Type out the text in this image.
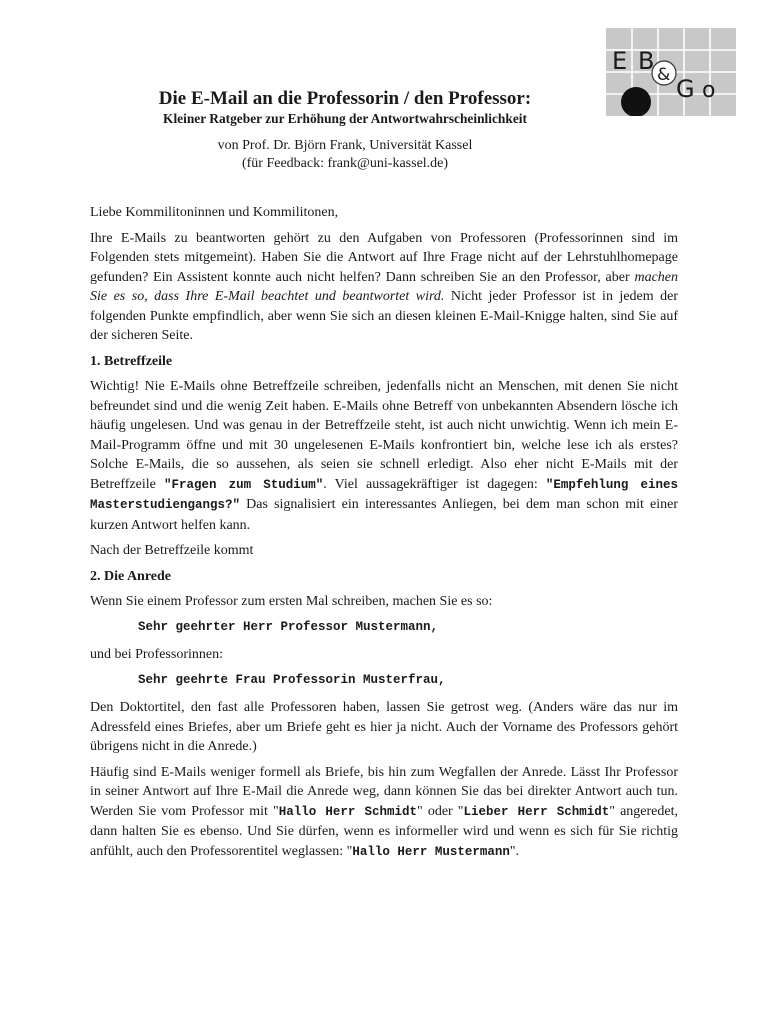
E B & G o
Die E-Mail an die Professorin / den Professor:
Kleiner Ratgeber zur Erhöhung der Antwortwahrscheinlichkeit
von Prof. Dr. Björn Frank, Universität Kassel
(für Feedback: frank@uni-kassel.de)

Liebe Kommilitoninnen und Kommilitonen,

Ihre E-Mails zu beantworten gehört zu den Aufgaben von Professoren (Professorinnen sind im Folgenden stets mitgemeint). Haben Sie die Antwort auf Ihre Frage nicht auf der Lehrstuhlhomepage gefunden? Ein Assistent konnte auch nicht helfen? Dann schreiben Sie an den Professor, aber machen Sie es so, dass Ihre E-Mail beachtet und beantwortet wird. Nicht jeder Professor ist in jedem der folgenden Punkte empfindlich, aber wenn Sie sich an diesen kleinen E-Mail-Knigge halten, sind Sie auf der sicheren Seite.

1. Betreffzeile

Wichtig! Nie E-Mails ohne Betreffzeile schreiben, jedenfalls nicht an Menschen, mit denen Sie nicht befreundet sind und die wenig Zeit haben. E-Mails ohne Betreff von unbekannten Absendern lösche ich häufig ungelesen. Und was genau in der Betreffzeile steht, ist auch nicht unwichtig. Wenn ich mein E-Mail-Programm öffne und mit 30 ungelesenen E-Mails konfrontiert bin, welche lese ich als erstes? Solche E-Mails, die so aussehen, als seien sie schnell erledigt. Also eher nicht E-Mails mit der Betreffzeile "Fragen zum Studium". Viel aussagekräftiger ist dagegen: "Empfehlung eines Masterstudiengangs?" Das signalisiert ein interessantes Anliegen, bei dem man schon mit einer kurzen Antwort helfen kann.

Nach der Betreffzeile kommt

2. Die Anrede

Wenn Sie einem Professor zum ersten Mal schreiben, machen Sie es so:

Sehr geehrter Herr Professor Mustermann,

und bei Professorinnen:

Sehr geehrte Frau Professorin Musterfrau,

Den Doktortitel, den fast alle Professoren haben, lassen Sie getrost weg. (Anders wäre das nur im Adressfeld eines Briefes, aber um Briefe geht es hier ja nicht. Auch der Vorname des Professors gehört übrigens nicht in die Anrede.)

Häufig sind E-Mails weniger formell als Briefe, bis hin zum Wegfallen der Anrede. Lässt Ihr Professor in seiner Antwort auf Ihre E-Mail die Anrede weg, dann können Sie das bei direkter Antwort auch tun. Werden Sie vom Professor mit "Hallo Herr Schmidt" oder "Lieber Herr Schmidt" angeredet, dann halten Sie es ebenso. Und Sie dürfen, wenn es informeller wird und wenn es sich für Sie richtig anfühlt, auch den Professorentitel weglassen: "Hallo Herr Mustermann".
